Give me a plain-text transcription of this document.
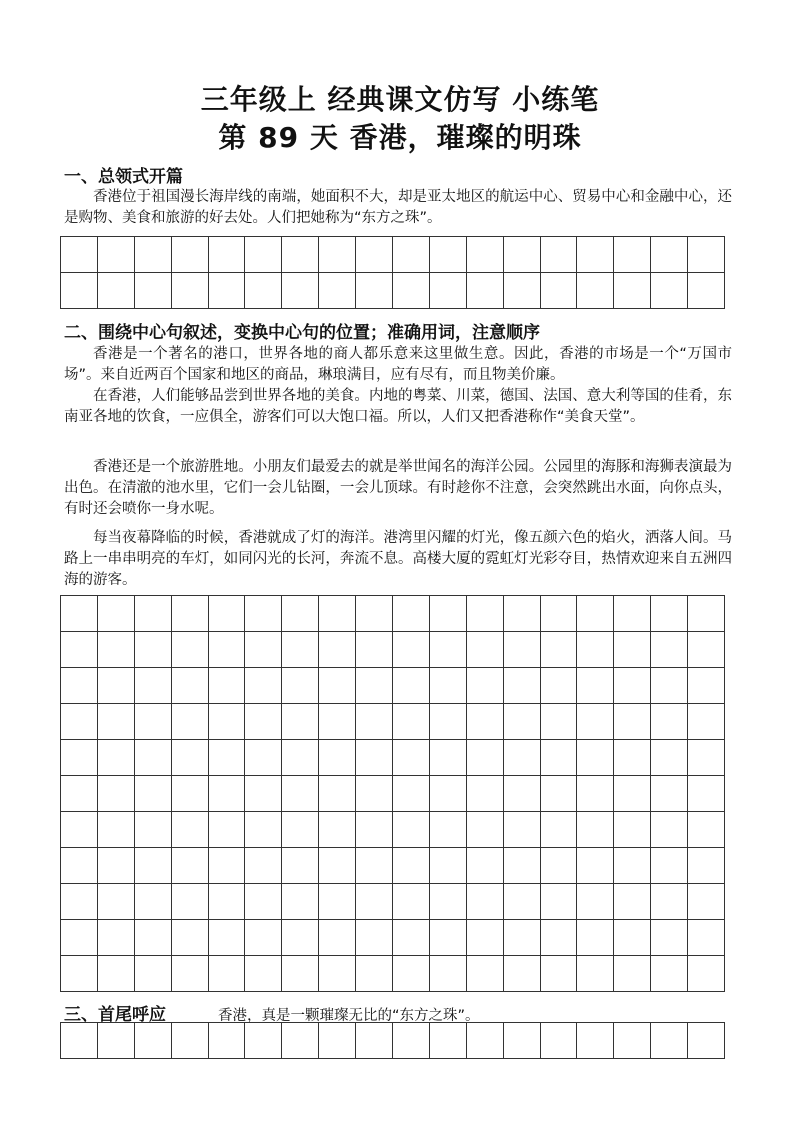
三年级上 经典课文仿写 小练笔
第 89 天 香港，璀璨的明珠
一、总领式开篇

香港位于祖国漫长海岸线的南端，她面积不大，却是亚太地区的航运中心、贸易中心和金融中心，还是购物、美食和旅游的好去处。人们把她称为“东方之珠”。

二、围绕中心句叙述，变换中心句的位置；准确用词，注意顺序

香港是一个著名的港口，世界各地的商人都乐意来这里做生意。因此，香港的市场是一个“万国市场”。来自近两百个国家和地区的商品，琳琅满目，应有尽有，而且物美价廉。

在香港，人们能够品尝到世界各地的美食。内地的粤菜、川菜，德国、法国、意大利等国的佳肴，东南亚各地的饮食，一应俱全，游客们可以大饱口福。所以，人们又把香港称作“美食天堂”。

香港还是一个旅游胜地。小朋友们最爱去的就是举世闻名的海洋公园。公园里的海豚和海狮表演最为出色。在清澈的池水里，它们一会儿钻圈，一会儿顶球。有时趁你不注意，会突然跳出水面，向你点头，有时还会喷你一身水呢。

每当夜幕降临的时候，香港就成了灯的海洋。港湾里闪耀的灯光，像五颜六色的焰火，洒落人间。马路上一串串明亮的车灯，如同闪光的长河，奔流不息。高楼大厦的霓虹灯光彩夺目，热情欢迎来自五洲四海的游客。

三、首尾呼应	香港，真是一颗璀璨无比的“东方之珠”。
